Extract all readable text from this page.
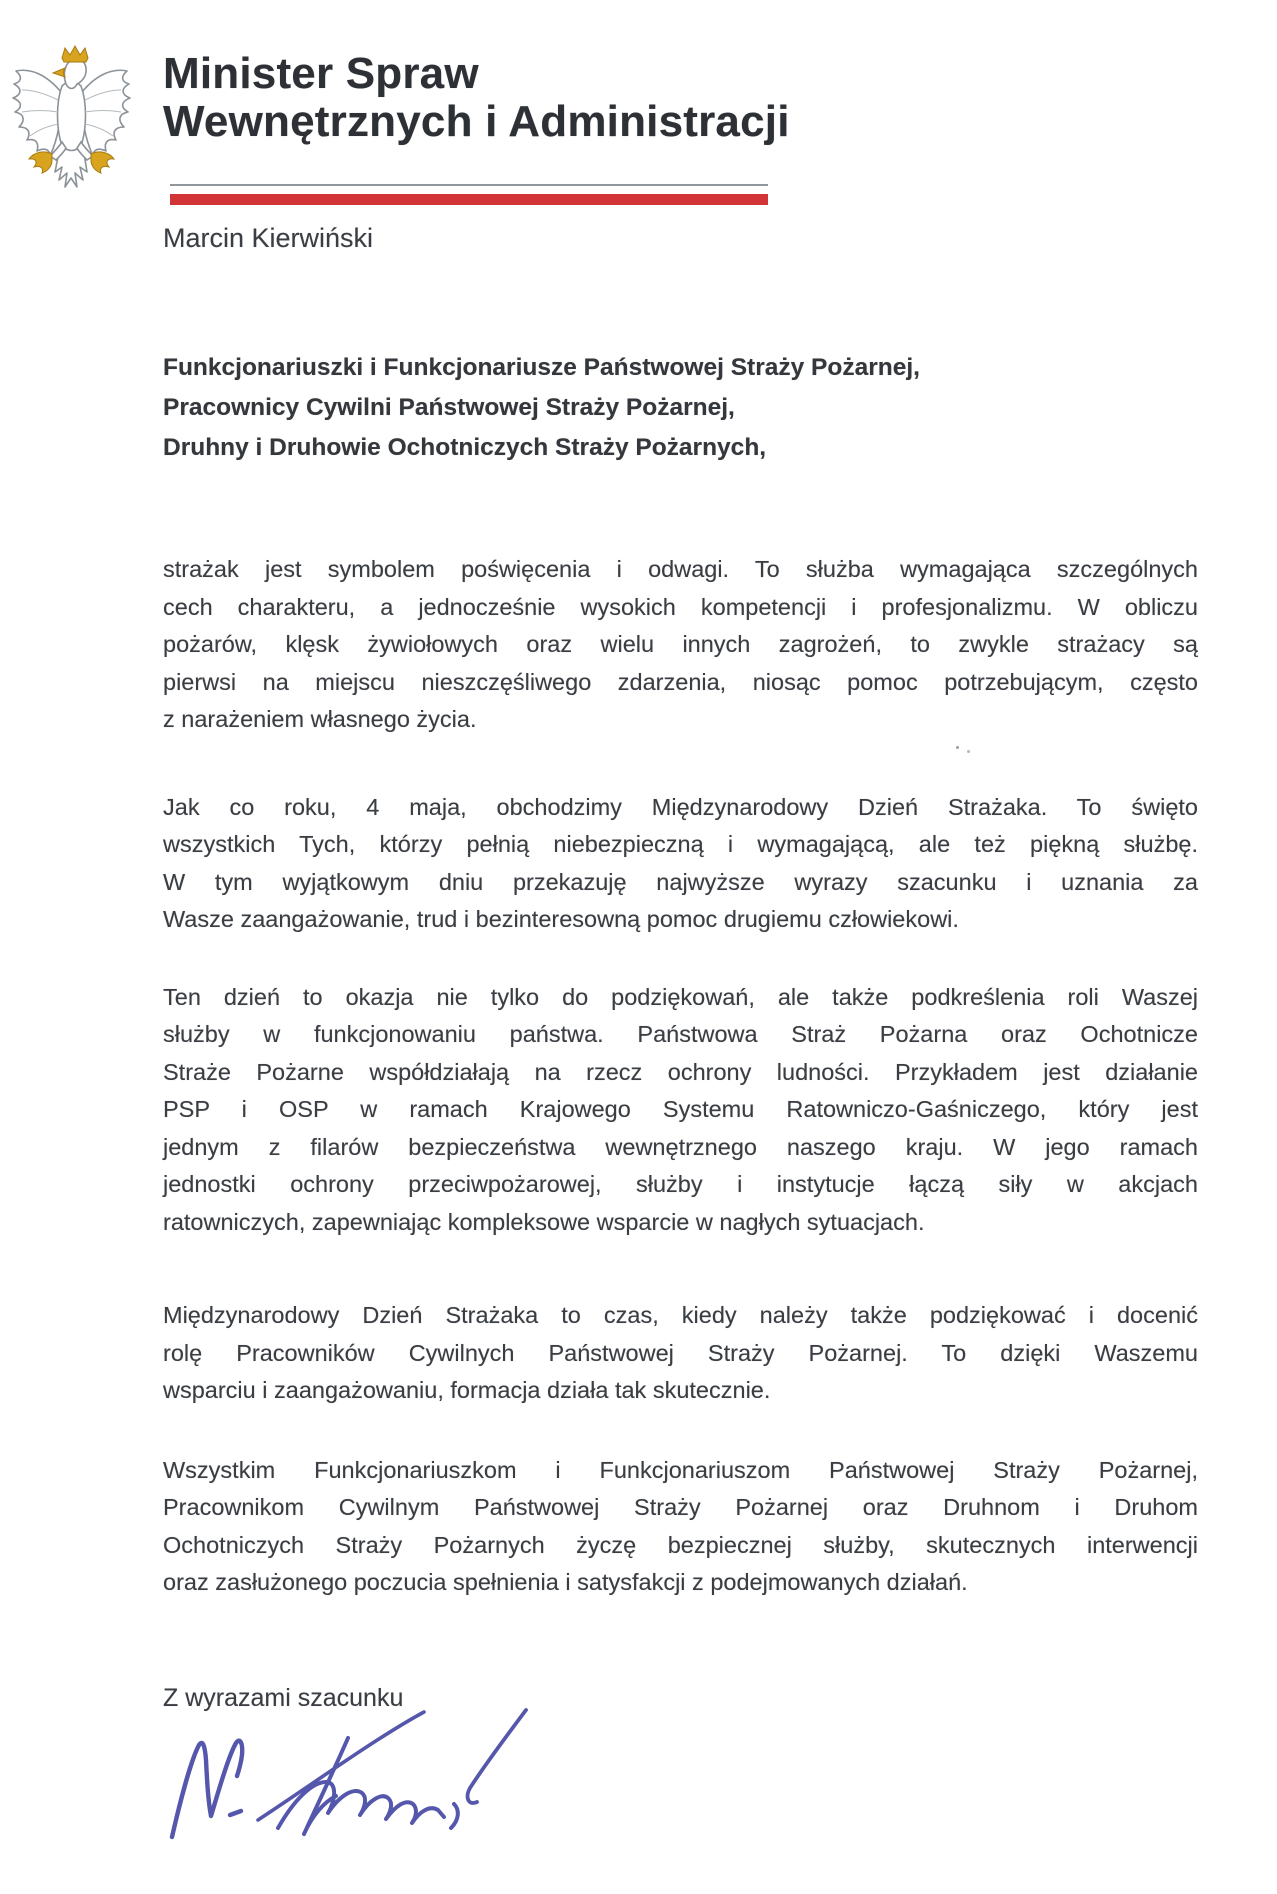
Minister Spraw
Wewnętrznych i Administracji
Marcin Kierwiński
Funkcjonariuszki i Funkcjonariusze Państwowej Straży Pożarnej,
Pracownicy Cywilni Państwowej Straży Pożarnej,
Druhny i Druhowie Ochotniczych Straży Pożarnych,
strażak jest symbolem poświęcenia i odwagi. To służba wymagająca szczególnych
cech charakteru, a jednocześnie wysokich kompetencji i profesjonalizmu. W obliczu
pożarów, klęsk żywiołowych oraz wielu innych zagrożeń, to zwykle strażacy są
pierwsi na miejscu nieszczęśliwego zdarzenia, niosąc pomoc potrzebującym, często
z narażeniem własnego życia.
Jak co roku, 4 maja, obchodzimy Międzynarodowy Dzień Strażaka. To święto
wszystkich Tych, którzy pełnią niebezpieczną i wymagającą, ale też piękną służbę.
W tym wyjątkowym dniu przekazuję najwyższe wyrazy szacunku i uznania za
Wasze zaangażowanie, trud i bezinteresowną pomoc drugiemu człowiekowi.
Ten dzień to okazja nie tylko do podziękowań, ale także podkreślenia roli Waszej
służby w funkcjonowaniu państwa. Państwowa Straż Pożarna oraz Ochotnicze
Straże Pożarne współdziałają na rzecz ochrony ludności. Przykładem jest działanie
PSP i OSP w ramach Krajowego Systemu Ratowniczo-Gaśniczego, który jest
jednym z filarów bezpieczeństwa wewnętrznego naszego kraju. W jego ramach
jednostki ochrony przeciwpożarowej, służby i instytucje łączą siły w akcjach
ratowniczych, zapewniając kompleksowe wsparcie w nagłych sytuacjach.
Międzynarodowy Dzień Strażaka to czas, kiedy należy także podziękować i docenić
rolę Pracowników Cywilnych Państwowej Straży Pożarnej. To dzięki Waszemu
wsparciu i zaangażowaniu, formacja działa tak skutecznie.
Wszystkim Funkcjonariuszkom i Funkcjonariuszom Państwowej Straży Pożarnej,
Pracownikom Cywilnym Państwowej Straży Pożarnej oraz Druhnom i Druhom
Ochotniczych Straży Pożarnych życzę bezpiecznej służby, skutecznych interwencji
oraz zasłużonego poczucia spełnienia i satysfakcji z podejmowanych działań.
Z wyrazami szacunku
